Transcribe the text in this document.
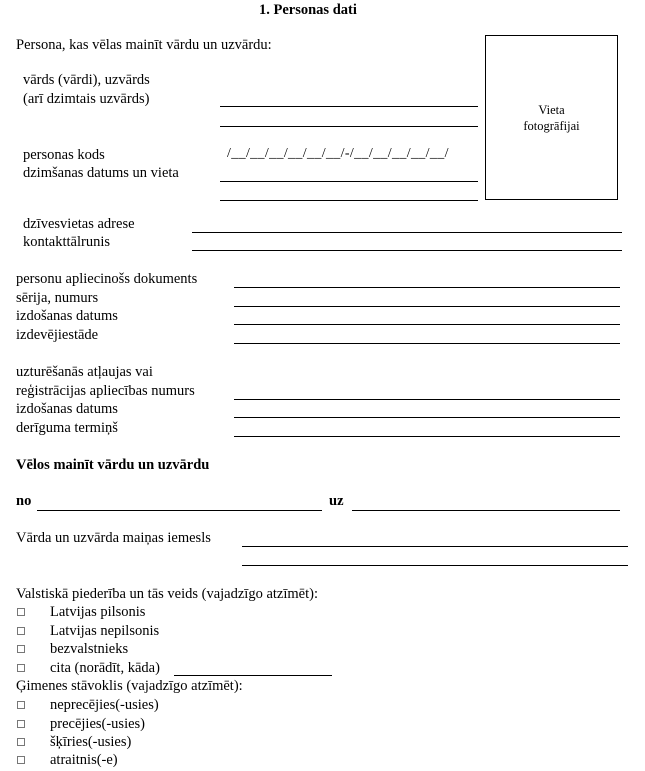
1. Personas dati
Persona, kas vēlas mainīt vārdu un uzvārdu:
Vieta
fotogrāfijai
vārds (vārdi), uzvārds
(arī dzimtais uzvārds)
personas kods
dzimšanas datums un vieta
/__/__/__/__/__/__/-/__/__/__/__/__/
dzīvesvietas adrese
kontakttālrunis
personu apliecinošs dokuments
sērija, numurs
izdošanas datums
izdevējiestāde
uzturēšanās atļaujas vai
reģistrācijas apliecības numurs
izdošanas datums
derīguma termiņš
Vēlos mainīt vārdu un uzvārdu
no	uz
Vārda un uzvārda maiņas iemesls
Valstiskā piederība un tās veids (vajadzīgo atzīmēt):
Latvijas pilsonis
Latvijas nepilsonis
bezvalstnieks
cita (norādīt, kāda)
Ģimenes stāvoklis (vajadzīgo atzīmēt):
neprecējies(-usies)
precējies(-usies)
šķīries(-usies)
atraitnis(-e)
